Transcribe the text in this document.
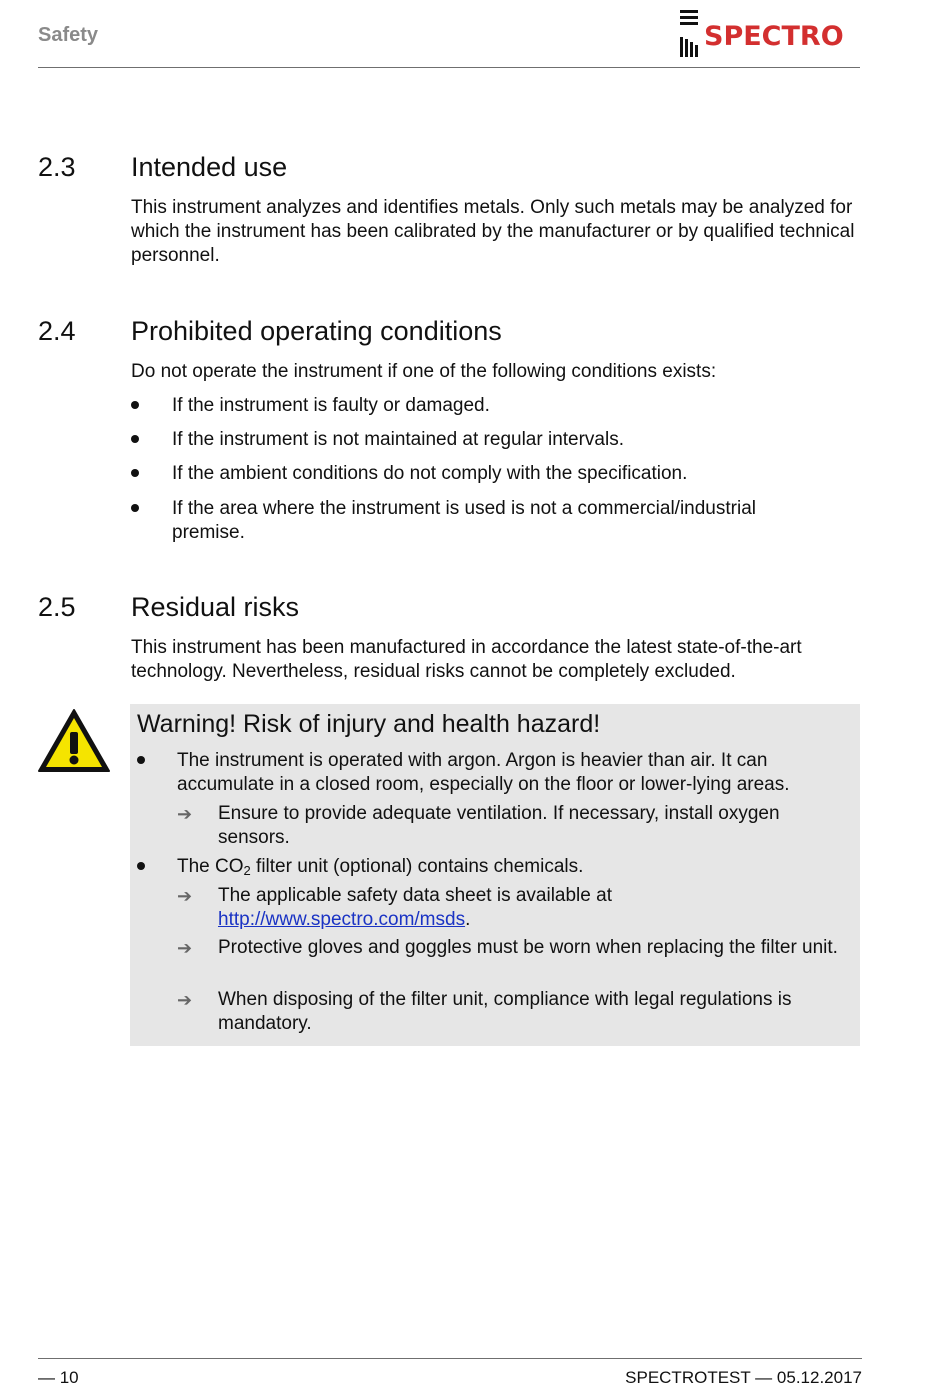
Safety	SPECTRO
2.3 Intended use
This instrument analyzes and identifies metals. Only such metals may be analyzed for which the instrument has been calibrated by the manufacturer or by qualified technical personnel.
2.4 Prohibited operating conditions
Do not operate the instrument if one of the following conditions exists:
If the instrument is faulty or damaged.
If the instrument is not maintained at regular intervals.
If the ambient conditions do not comply with the specification.
If the area where the instrument is used is not a commercial/industrial premise.
2.5 Residual risks
This instrument has been manufactured in accordance the latest state-of-the-art technology. Nevertheless, residual risks cannot be completely excluded.
Warning! Risk of injury and health hazard!
The instrument is operated with argon. Argon is heavier than air. It can accumulate in a closed room, especially on the floor or lower-lying areas.
➔ Ensure to provide adequate ventilation. If necessary, install oxygen sensors.
The $CO_2$ filter unit (optional) contains chemicals.
➔ The applicable safety data sheet is available at
http://www.spectro.com/msds.
➔ Protective gloves and goggles must be worn when replacing the filter unit.
➔ When disposing of the filter unit, compliance with legal regulations is mandatory.
— 10	SPECTROTEST — 05.12.2017
